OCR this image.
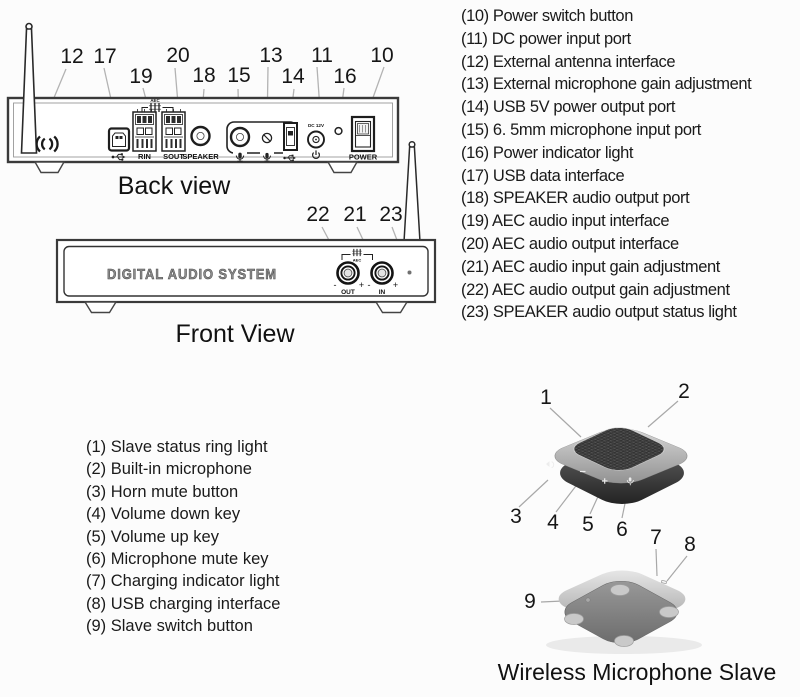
AEC
DC 12V
RIN SOUT
SPEAKER	POWER
DIGITAL AUDIO SYSTEM
AEC
- + - +
OUT	IN
12 17
19
20
18 15
13
14
11
16
10
22 21 23
1	2
3 4 5 6 7 8
9
Back view
Front View
Wireless Microphone Slave
(10) Power switch button
(11) DC power input port
(12) External antenna interface
(13) External microphone gain adjustment
(14) USB 5V power output port
(15) 6. 5mm microphone input port
(16) Power indicator light
(17) USB data interface
(18) SPEAKER audio output port
(19) AEC audio input interface
(20) AEC audio output interface
(21) AEC audio input gain adjustment
(22) AEC audio output gain adjustment
(23) SPEAKER audio output status light
(1) Slave status ring light
(2) Built-in microphone
(3) Horn mute button
(4) Volume down key
(5) Volume up key
(6) Microphone mute key
(7) Charging indicator light
(8) USB charging interface
(9) Slave switch button
